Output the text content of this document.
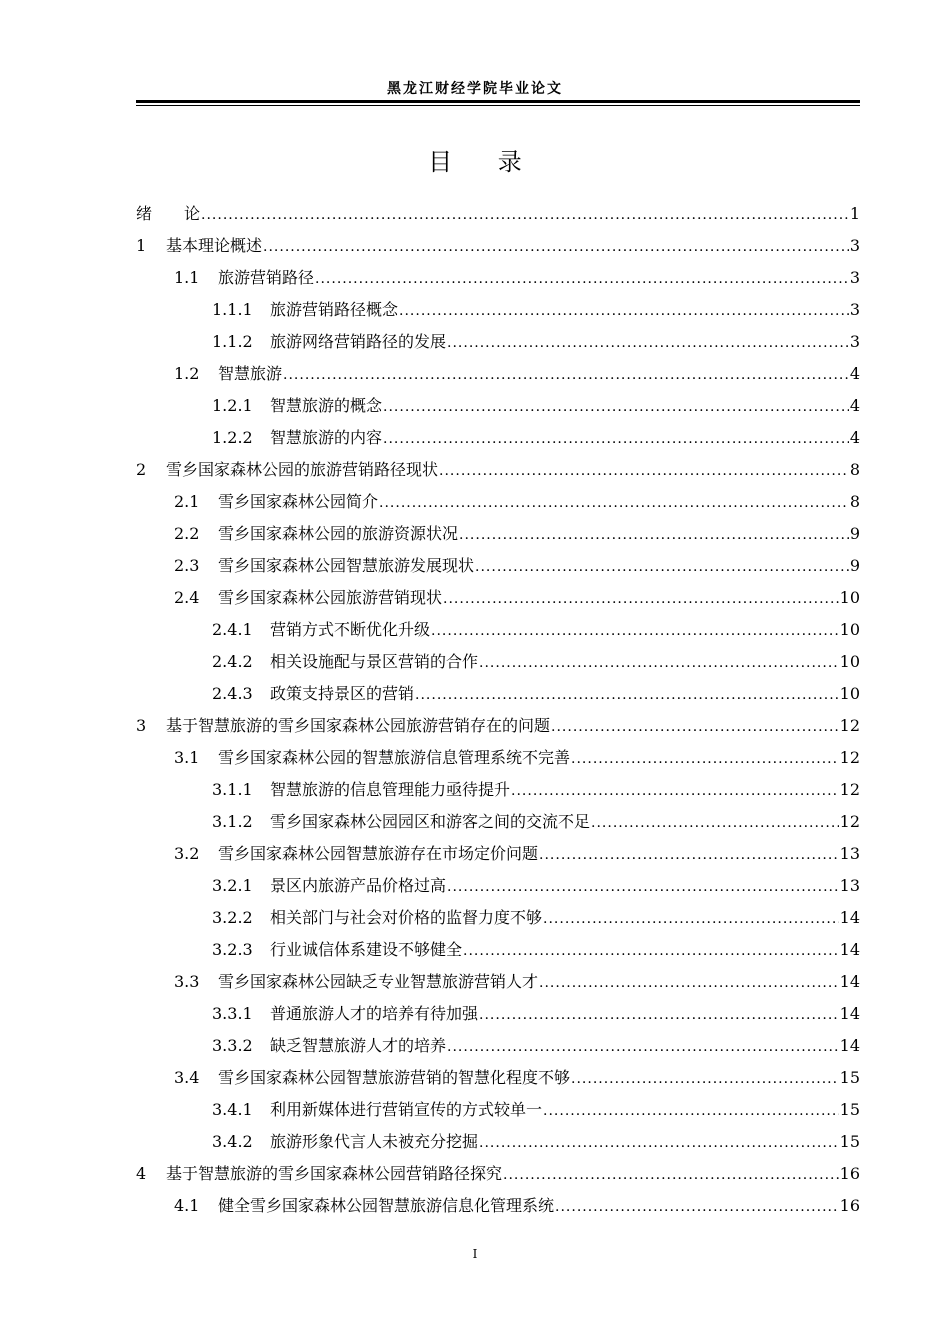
黑龙江财经学院毕业论文
目 录
绪　　论 .....	1
1	基本理论概述 .....	3
1.1	旅游营销路径 .....	3
1.1.1	旅游营销路径概念 .....	3
1.1.2	旅游网络营销路径的发展 .....	3
1.2	智慧旅游 .....	4
1.2.1	智慧旅游的概念 .....	4
1.2.2	智慧旅游的内容 .....	4
2	雪乡国家森林公园的旅游营销路径现状 .....	8
2.1	雪乡国家森林公园简介 .....	8
2.2	雪乡国家森林公园的旅游资源状况 .....	9
2.3	雪乡国家森林公园智慧旅游发展现状 .....	9
2.4	雪乡国家森林公园旅游营销现状 .....	10
2.4.1	营销方式不断优化升级 .....	10
2.4.2	相关设施配与景区营销的合作 .....	10
2.4.3	政策支持景区的营销 .....	10
3	基于智慧旅游的雪乡国家森林公园旅游营销存在的问题 .....	12
3.1	雪乡国家森林公园的智慧旅游信息管理系统不完善 .....	12
3.1.1	智慧旅游的信息管理能力亟待提升 .....	12
3.1.2	雪乡国家森林公园园区和游客之间的交流不足 .....	12
3.2	雪乡国家森林公园智慧旅游存在市场定价问题 .....	13
3.2.1	景区内旅游产品价格过高 .....	13
3.2.2	相关部门与社会对价格的监督力度不够 .....	14
3.2.3	行业诚信体系建设不够健全 .....	14
3.3	雪乡国家森林公园缺乏专业智慧旅游营销人才 .....	14
3.3.1	普通旅游人才的培养有待加强 .....	14
3.3.2	缺乏智慧旅游人才的培养 .....	14
3.4	雪乡国家森林公园智慧旅游营销的智慧化程度不够 .....	15
3.4.1	利用新媒体进行营销宣传的方式较单一 .....	15
3.4.2	旅游形象代言人未被充分挖掘 .....	15
4	基于智慧旅游的雪乡国家森林公园营销路径探究 .....	16
4.1	健全雪乡国家森林公园智慧旅游信息化管理系统 .....	16
I
